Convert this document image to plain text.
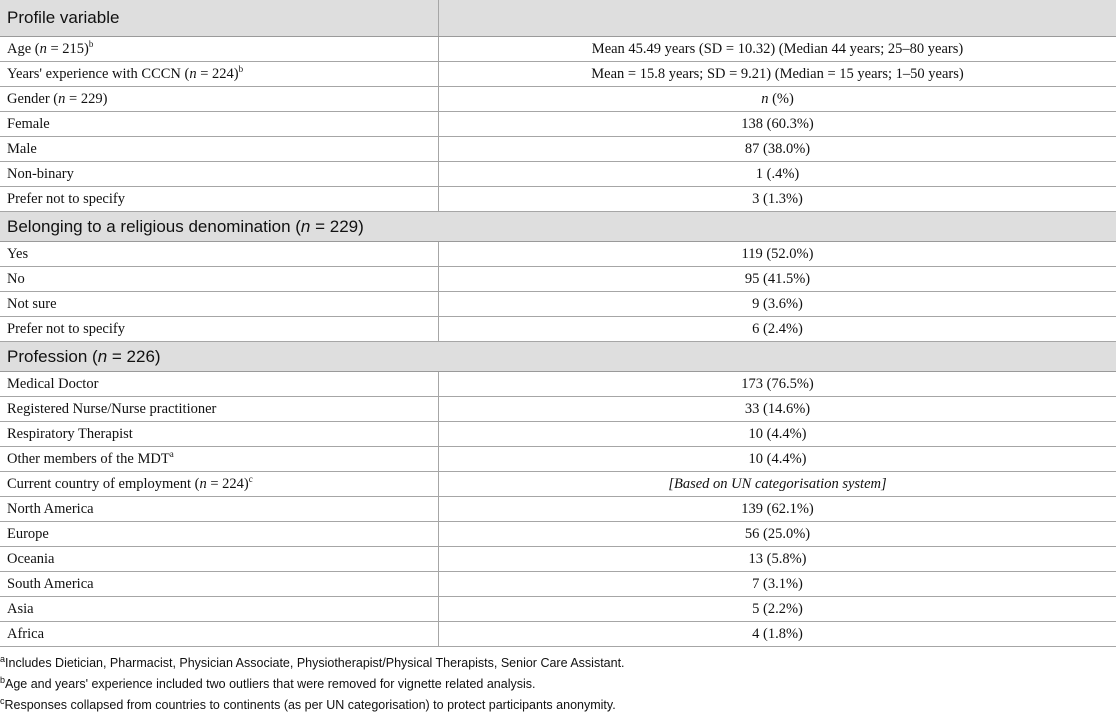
Profile variable	
Age (n = 215)$^b$	Mean 45.49 years (SD = 10.32) (Median 44 years; 25–80 years)
Years' experience with CCCN (n = 224)$^b$	Mean = 15.8 years; SD = 9.21) (Median = 15 years; 1–50 years)
Gender (n = 229)	n (%)
Female	138 (60.3%)
Male	87 (38.0%)
Non-binary	1 (.4%)
Prefer not to specify	3 (1.3%)
Belonging to a religious denomination (n = 229)	
Yes	119 (52.0%)
No	95 (41.5%)
Not sure	9 (3.6%)
Prefer not to specify	6 (2.4%)
Profession (n = 226)	
Medical Doctor	173 (76.5%)
Registered Nurse/Nurse practitioner	33 (14.6%)
Respiratory Therapist	10 (4.4%)
Other members of the MDT$^a$	10 (4.4%)
Current country of employment (n = 224)$^c$	[Based on UN categorisation system]
North America	139 (62.1%)
Europe	56 (25.0%)
Oceania	13 (5.8%)
South America	7 (3.1%)
Asia	5 (2.2%)
Africa	4 (1.8%)
$^a$Includes Dietician, Pharmacist, Physician Associate, Physiotherapist/Physical Therapists, Senior Care Assistant.
$^b$Age and years' experience included two outliers that were removed for vignette related analysis.
$^c$Responses collapsed from countries to continents (as per UN categorisation) to protect participants anonymity.
